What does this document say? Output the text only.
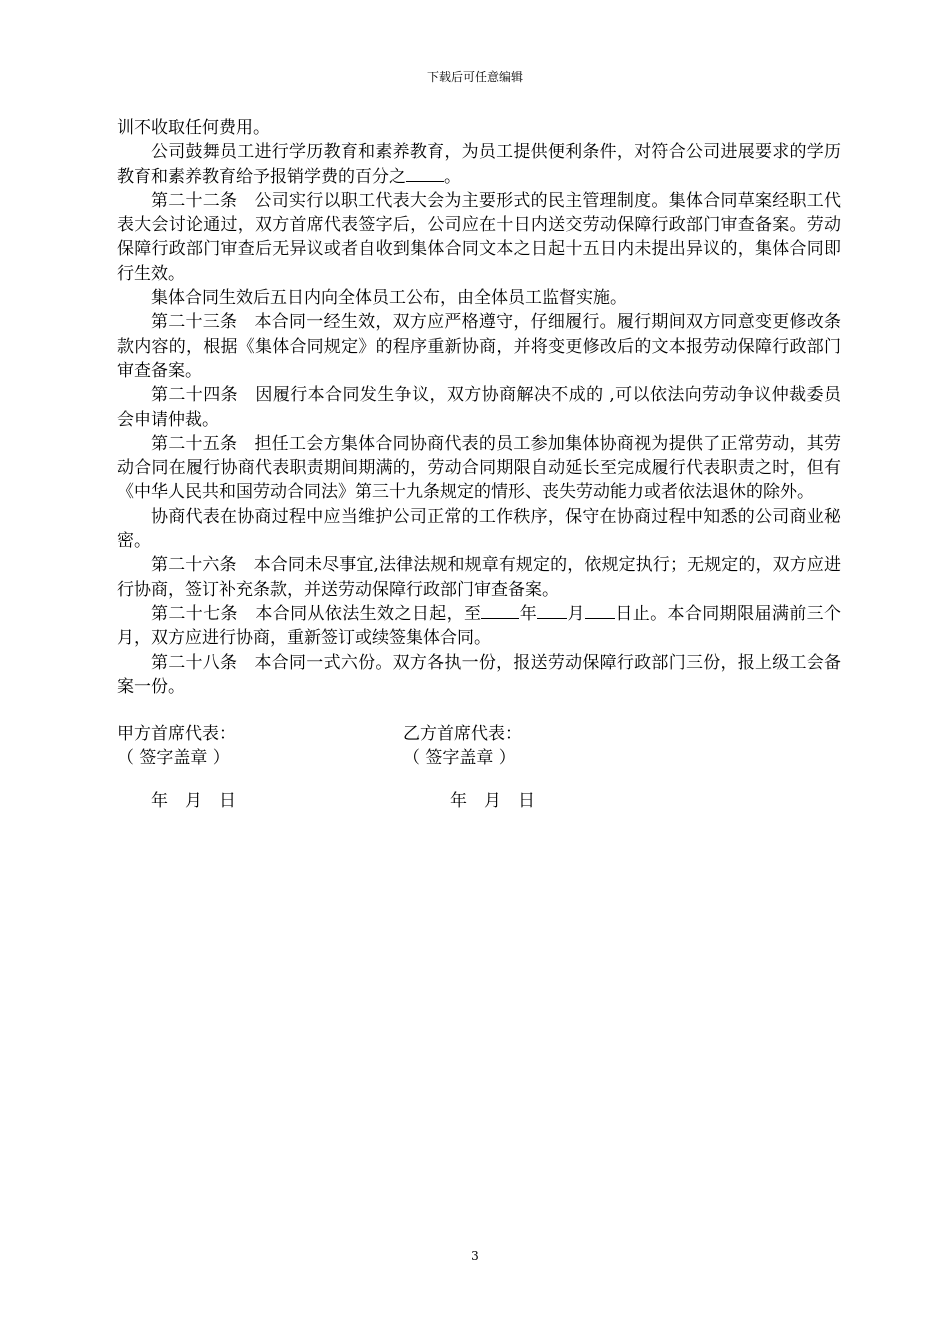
下载后可任意编辑

训不收取任何费用。

公司鼓舞员工进行学历教育和素养教育，为员工提供便利条件，对符合公司进展要求的学历教育和素养教育给予报销学费的百分之 。

第二十二条　公司实行以职工代表大会为主要形式的民主管理制度。集体合同草案经职工代表大会讨论通过，双方首席代表签字后，公司应在十日内送交劳动保障行政部门审查备案。劳动保障行政部门审查后无异议或者自收到集体合同文本之日起十五日内未提出异议的，集体合同即行生效。

集体合同生效后五日内向全体员工公布，由全体员工监督实施。

第二十三条　本合同一经生效，双方应严格遵守，仔细履行。履行期间双方同意变更修改条款内容的，根据《集体合同规定》的程序重新协商，并将变更修改后的文本报劳动保障行政部门审查备案。

第二十四条　因履行本合同发生争议，双方协商解决不成的 ,可以依法向劳动争议仲裁委员会申请仲裁。

第二十五条　担任工会方集体合同协商代表的员工参加集体协商视为提供了正常劳动，其劳动合同在履行协商代表职责期间期满的，劳动合同期限自动延长至完成履行代表职责之时，但有《中华人民共和国劳动合同法》第三十九条规定的情形、丧失劳动能力或者依法退休的除外。

协商代表在协商过程中应当维护公司正常的工作秩序，保守在协商过程中知悉的公司商业秘密。

第二十六条　本合同未尽事宜,法律法规和规章有规定的，依规定执行；无规定的，双方应进行协商，签订补充条款，并送劳动保障行政部门审查备案。

第二十七条　本合同从依法生效之日起，至 年 月 日止。本合同期限届满前三个月，双方应进行协商，重新签订或续签集体合同。

第二十八条　本合同一式六份。双方各执一份，报送劳动保障行政部门三份，报上级工会备案一份。

甲方首席代表：
（ 签字盖章 ）
年　月　日
乙方首席代表：
（ 签字盖章 ）
年　月　日
3
